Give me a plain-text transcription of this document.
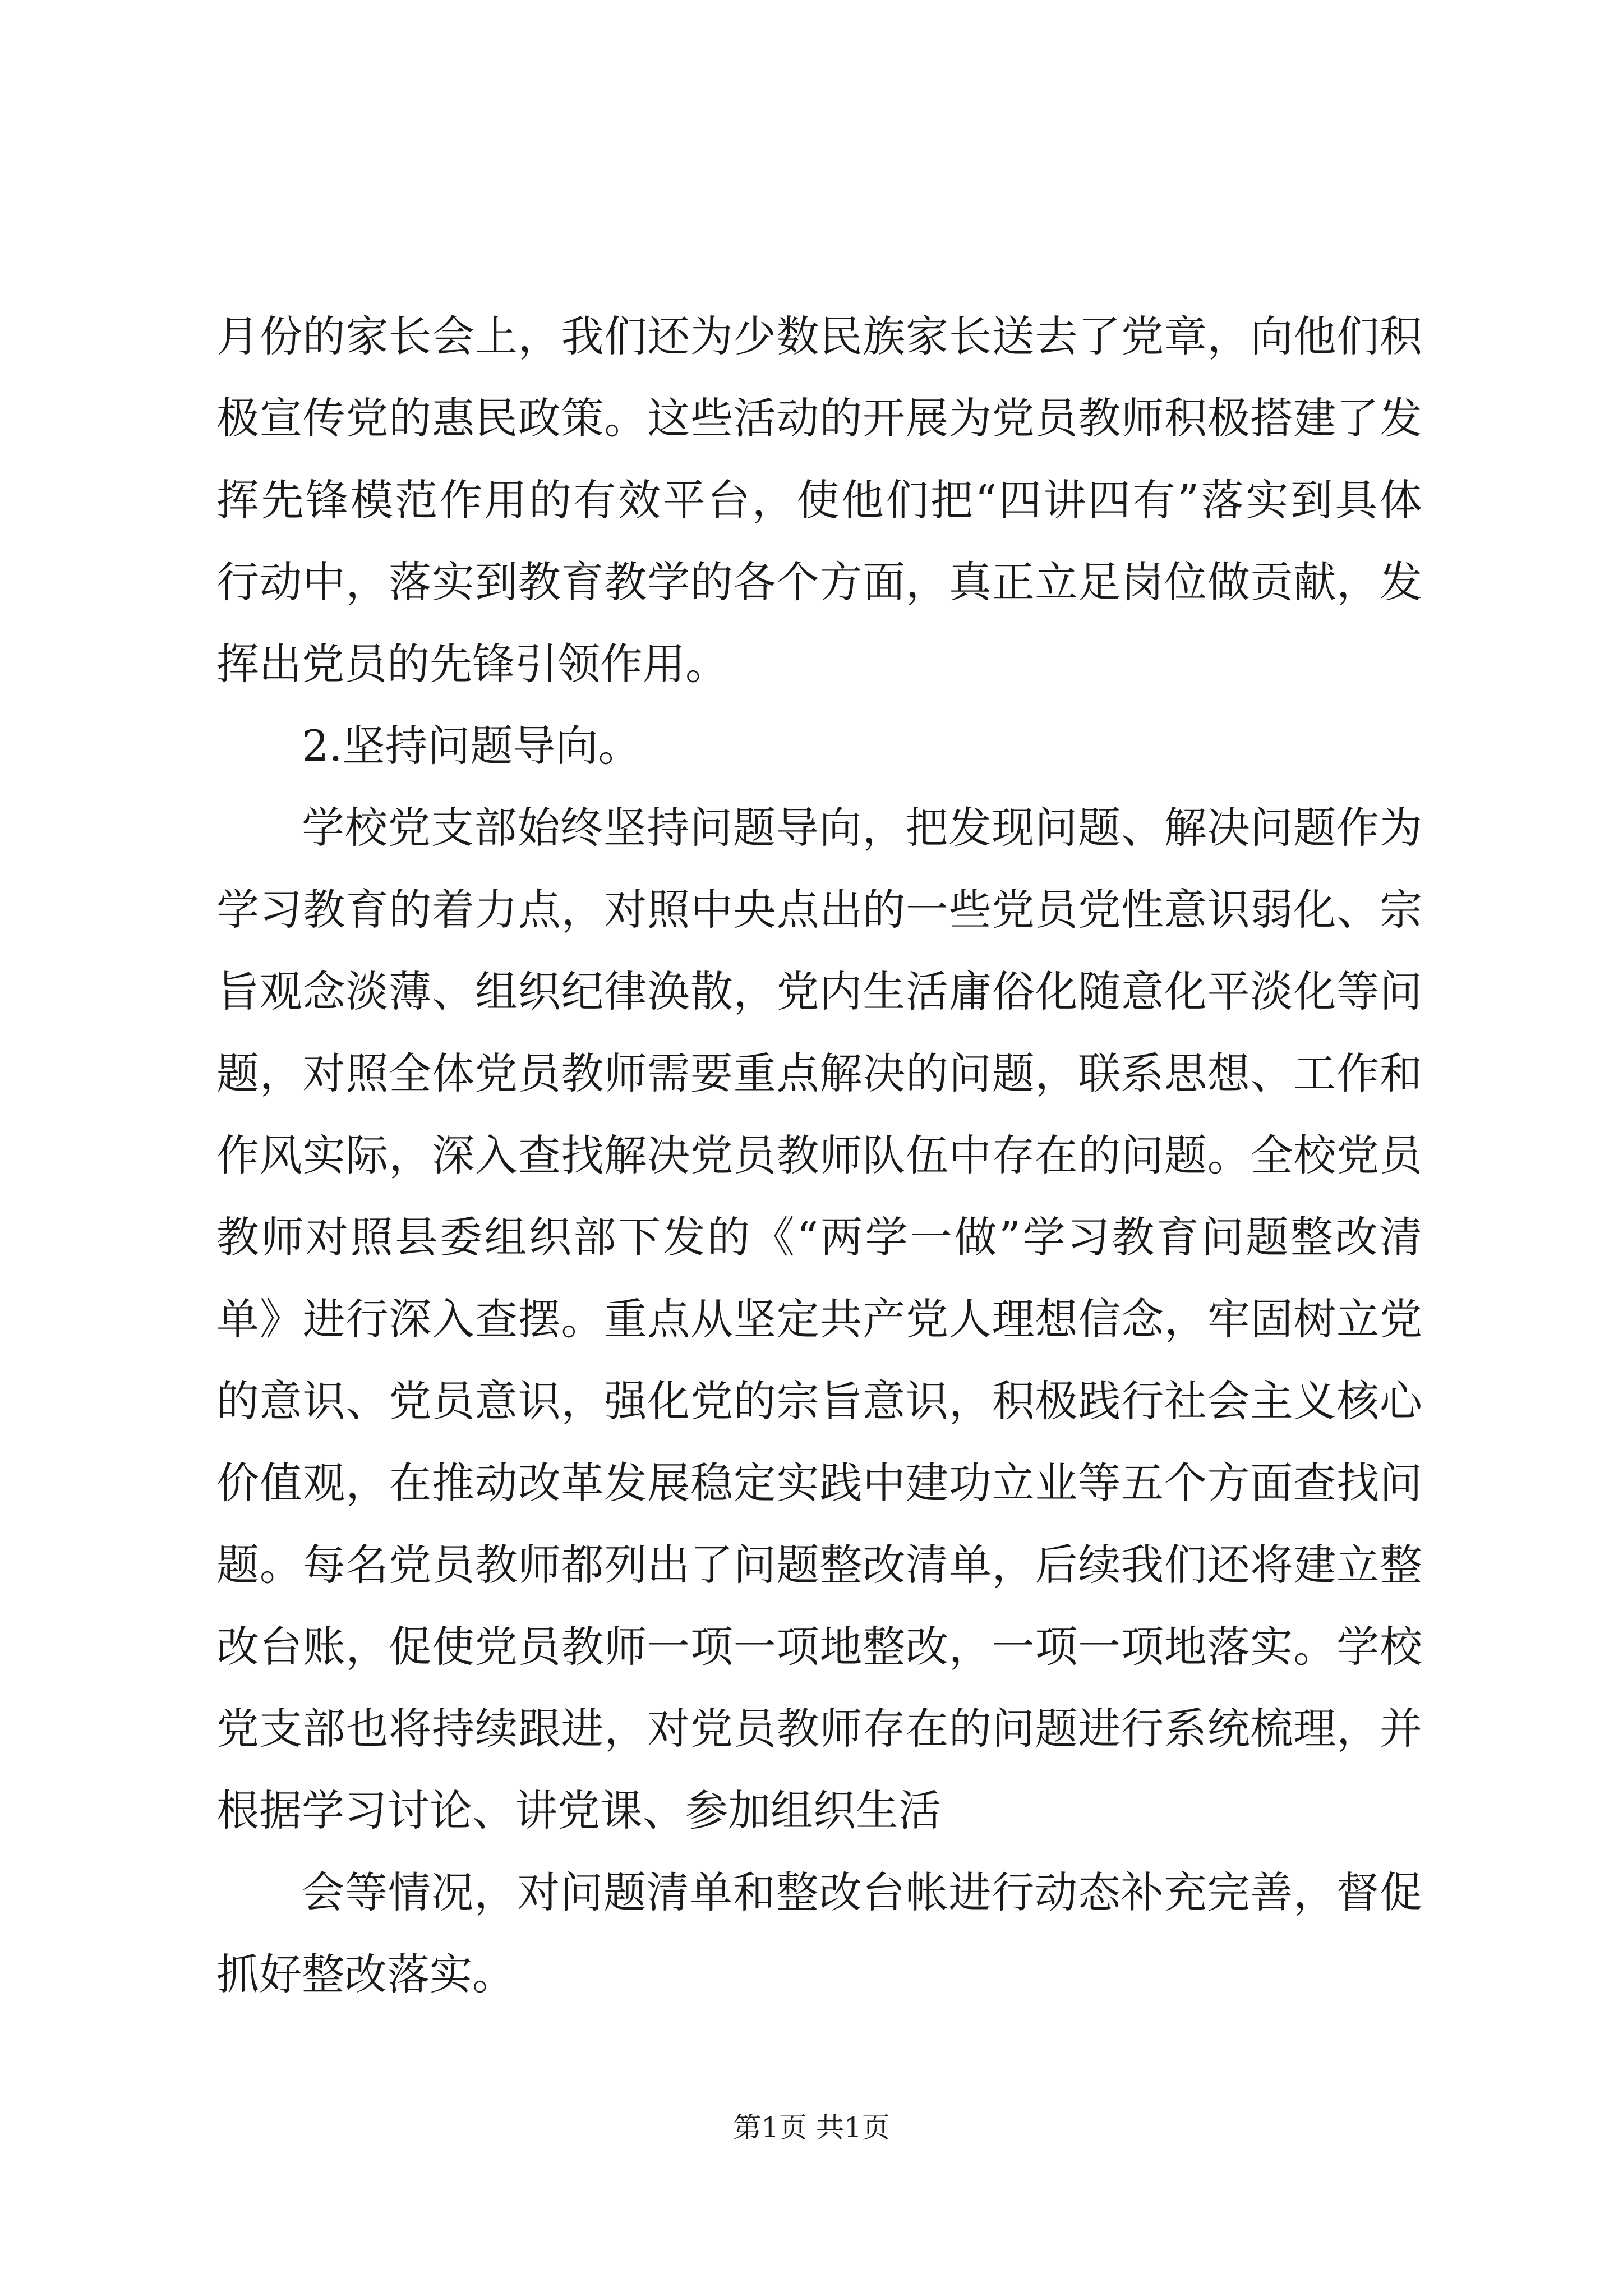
月份的家长会上，我们还为少数民族家长送去了党章，向他们积
极宣传党的惠民政策。这些活动的开展为党员教师积极搭建了发
挥先锋模范作用的有效平台，使他们把“四讲四有”落实到具体
行动中，落实到教育教学的各个方面，真正立足岗位做贡献，发
挥出党员的先锋引领作用。
2.坚持问题导向。
学校党支部始终坚持问题导向，把发现问题、解决问题作为
学习教育的着力点，对照中央点出的一些党员党性意识弱化、宗
旨观念淡薄、组织纪律涣散，党内生活庸俗化随意化平淡化等问
题，对照全体党员教师需要重点解决的问题，联系思想、工作和
作风实际，深入查找解决党员教师队伍中存在的问题。全校党员
教师对照县委组织部下发的《“两学一做”学习教育问题整改清
单》进行深入查摆。重点从坚定共产党人理想信念，牢固树立党
的意识、党员意识，强化党的宗旨意识，积极践行社会主义核心
价值观，在推动改革发展稳定实践中建功立业等五个方面查找问
题。每名党员教师都列出了问题整改清单，后续我们还将建立整
改台账，促使党员教师一项一项地整改，一项一项地落实。学校
党支部也将持续跟进，对党员教师存在的问题进行系统梳理，并
根据学习讨论、讲党课、参加组织生活
会等情况，对问题清单和整改台帐进行动态补充完善，督促
抓好整改落实。
第1页 共1页
